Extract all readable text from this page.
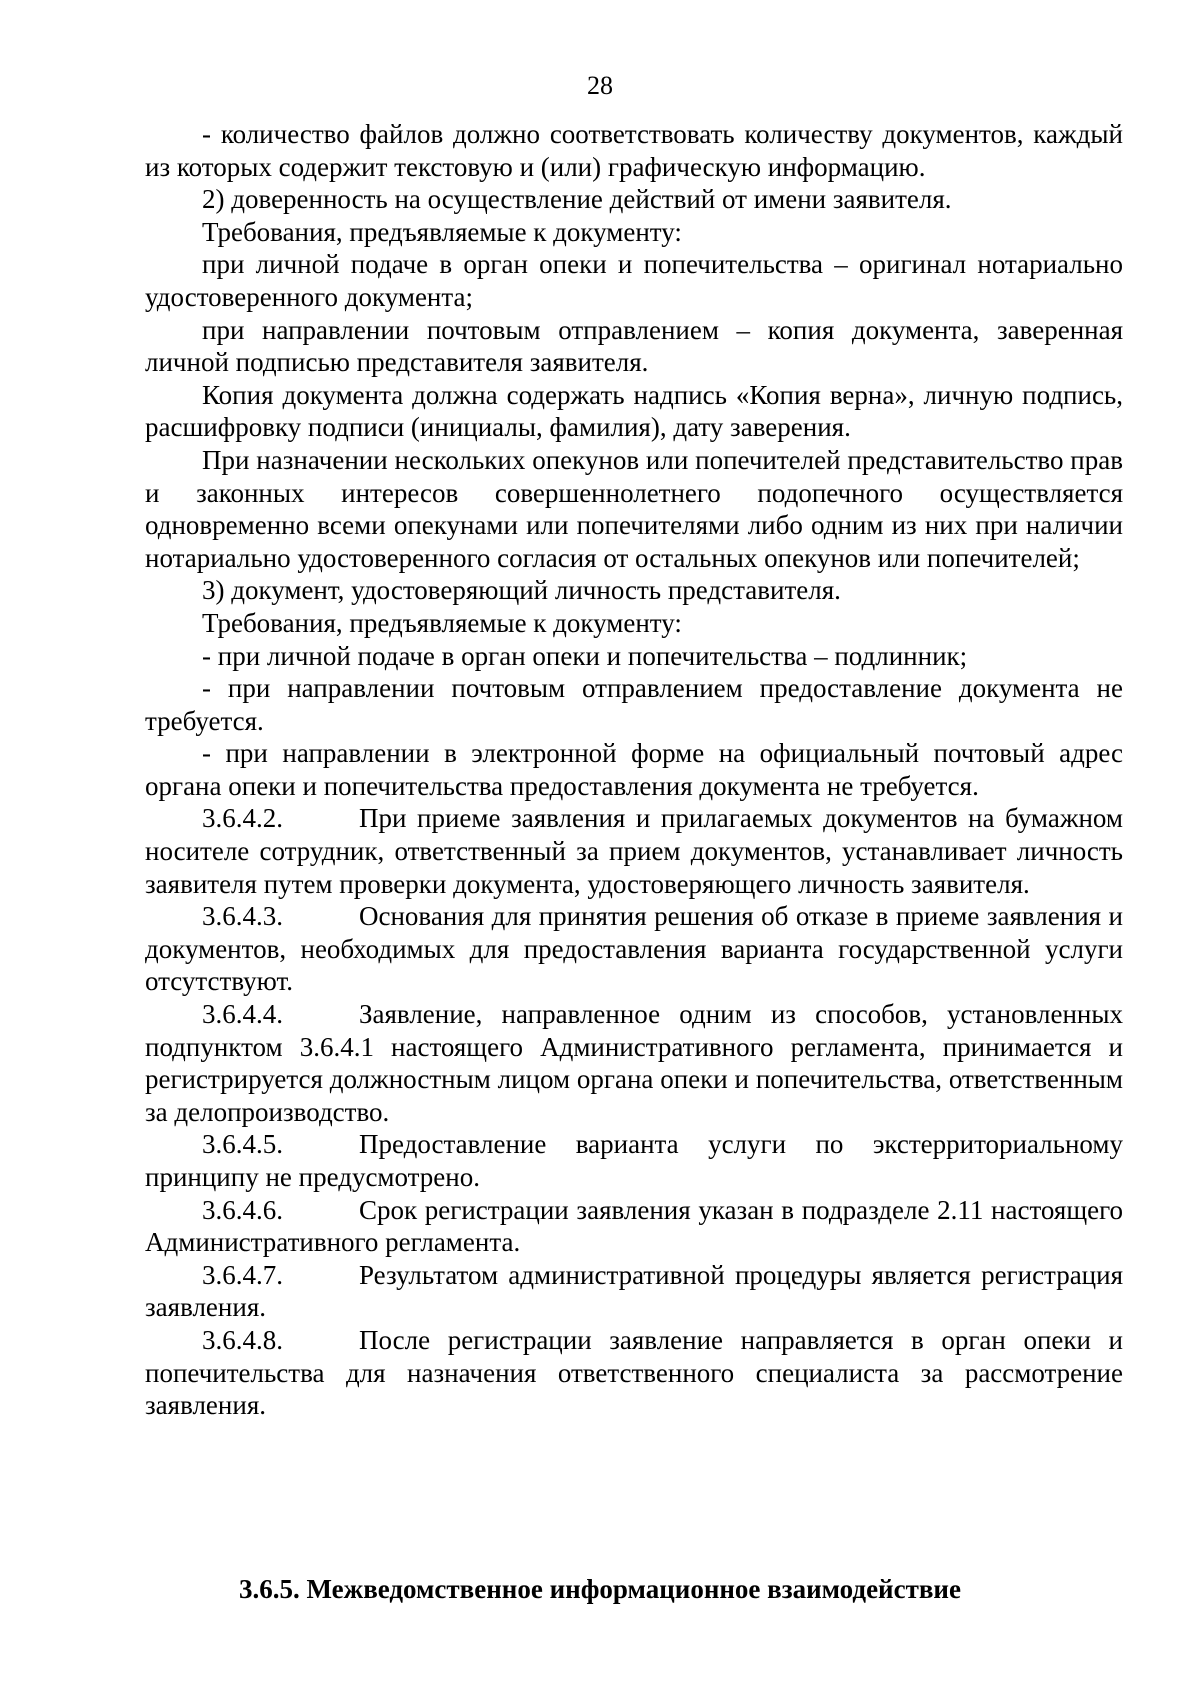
28

- количество файлов должно соответствовать количеству документов, каждый из которых содержит текстовую и (или) графическую информацию.

2) доверенность на осуществление действий от имени заявителя.

Требования, предъявляемые к документу:

при личной подаче в орган опеки и попечительства – оригинал нотариально удостоверенного документа;

при направлении почтовым отправлением – копия документа, заверенная личной подписью представителя заявителя.

Копия документа должна содержать надпись «Копия верна», личную подпись, расшифровку подписи (инициалы, фамилия), дату заверения.

При назначении нескольких опекунов или попечителей представительство прав и законных интересов совершеннолетнего подопечного осуществляется одновременно всеми опекунами или попечителями либо одним из них при наличии нотариально удостоверенного согласия от остальных опекунов или попечителей;

3) документ, удостоверяющий личность представителя.

Требования, предъявляемые к документу:

- при личной подаче в орган опеки и попечительства – подлинник;

- при направлении почтовым отправлением предоставление документа не требуется.

- при направлении в электронной форме на официальный почтовый адрес органа опеки и попечительства предоставления документа не требуется.

3.6.4.2.	При приеме заявления и прилагаемых документов на бумажном носителе сотрудник, ответственный за прием документов, устанавливает личность заявителя путем проверки документа, удостоверяющего личность заявителя.

3.6.4.3.	Основания для принятия решения об отказе в приеме заявления и документов, необходимых для предоставления варианта государственной услуги отсутствуют.

3.6.4.4.	Заявление, направленное одним из способов, установленных подпунктом 3.6.4.1 настоящего Административного регламента, принимается и регистрируется должностным лицом органа опеки и попечительства, ответственным за делопроизводство.

3.6.4.5.	Предоставление варианта услуги по экстерриториальному принципу не предусмотрено.

3.6.4.6.	Срок регистрации заявления указан в подразделе 2.11 настоящего Административного регламента.

3.6.4.7.	Результатом административной процедуры является регистрация заявления.

3.6.4.8.	После регистрации заявление направляется в орган опеки и попечительства для назначения ответственного специалиста за рассмотрение заявления.

3.6.5. Межведомственное информационное взаимодействие
